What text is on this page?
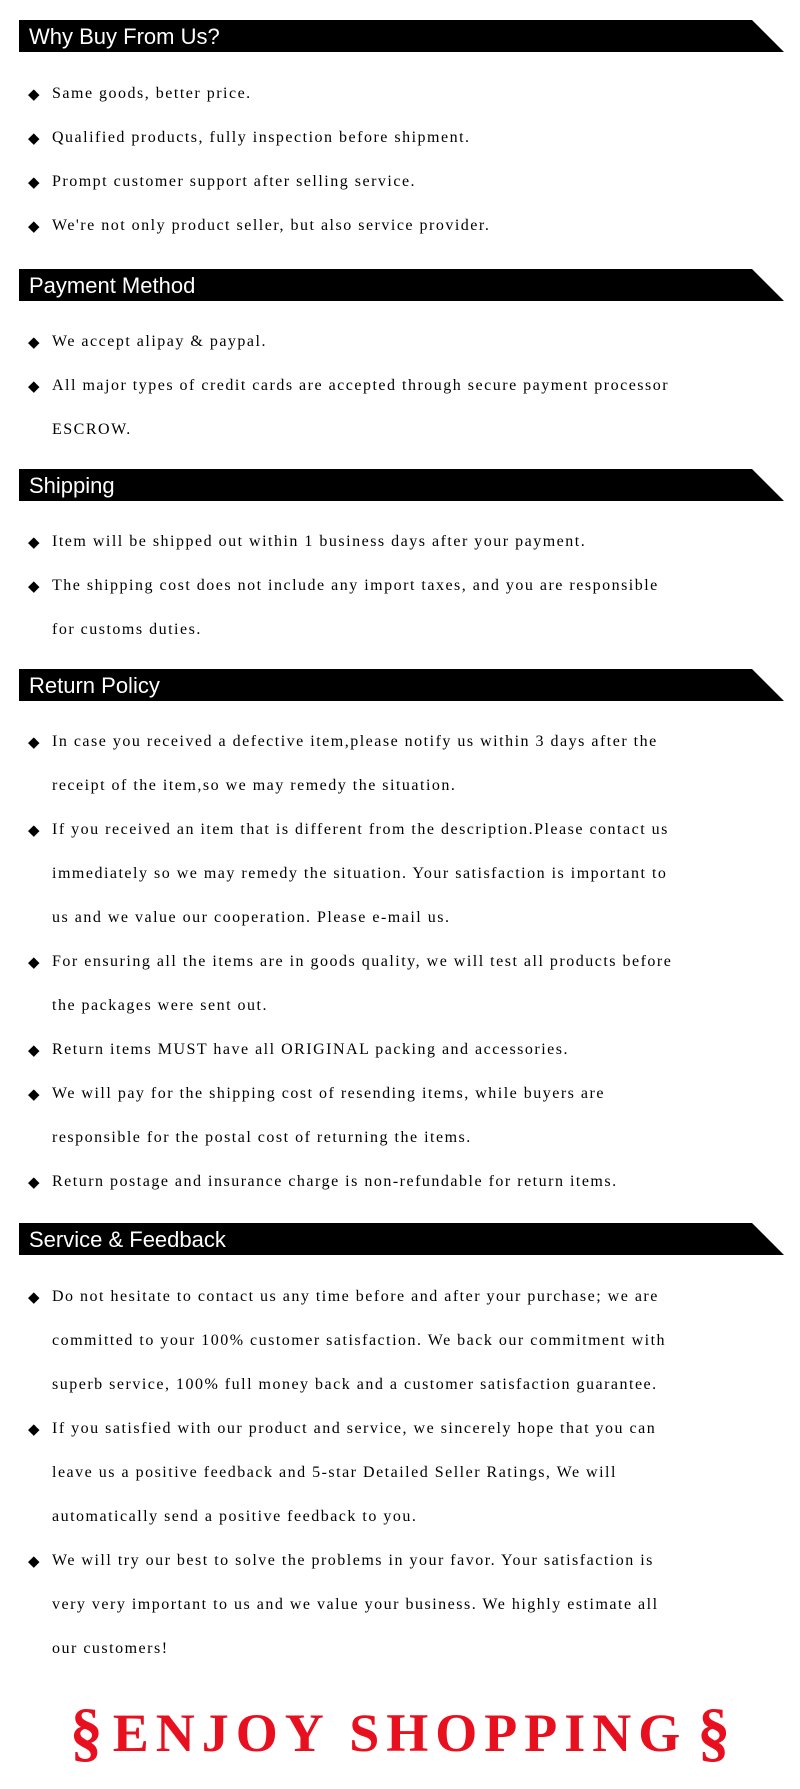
Why Buy From Us?
◆ Same goods, better price.
◆ Qualified products, fully inspection before shipment.
◆ Prompt customer support after selling service.
◆ We're not only product seller, but also service provider.
Payment Method
◆ We accept alipay & paypal.
◆ All major types of credit cards are accepted through secure payment processor
ESCROW.
Shipping
◆ Item will be shipped out within 1 business days after your payment.
◆ The shipping cost does not include any import taxes, and you are responsible
for customs duties.
Return Policy
◆ In case you received a defective item,please notify us within 3 days after the
receipt of the item,so we may remedy the situation.
◆ If you received an item that is different from the description.Please contact us
immediately so we may remedy the situation. Your satisfaction is important to
us and we value our cooperation. Please e-mail us.
◆ For ensuring all the items are in goods quality, we will test all products before
the packages were sent out.
◆ Return items MUST have all ORIGINAL packing and accessories.
◆ We will pay for the shipping cost of resending items, while buyers are
responsible for the postal cost of returning the items.
◆ Return postage and insurance charge is non-refundable for return items.
Service & Feedback
◆ Do not hesitate to contact us any time before and after your purchase; we are
committed to your 100% customer satisfaction. We back our commitment with
superb service, 100% full money back and a customer satisfaction guarantee.
◆ If you satisfied with our product and service, we sincerely hope that you can
leave us a positive feedback and 5-star Detailed Seller Ratings, We will
automatically send a positive feedback to you.
◆ We will try our best to solve the problems in your favor. Your satisfaction is
very very important to us and we value your business. We highly estimate all
our customers!
§ ENJOY SHOPPING §
